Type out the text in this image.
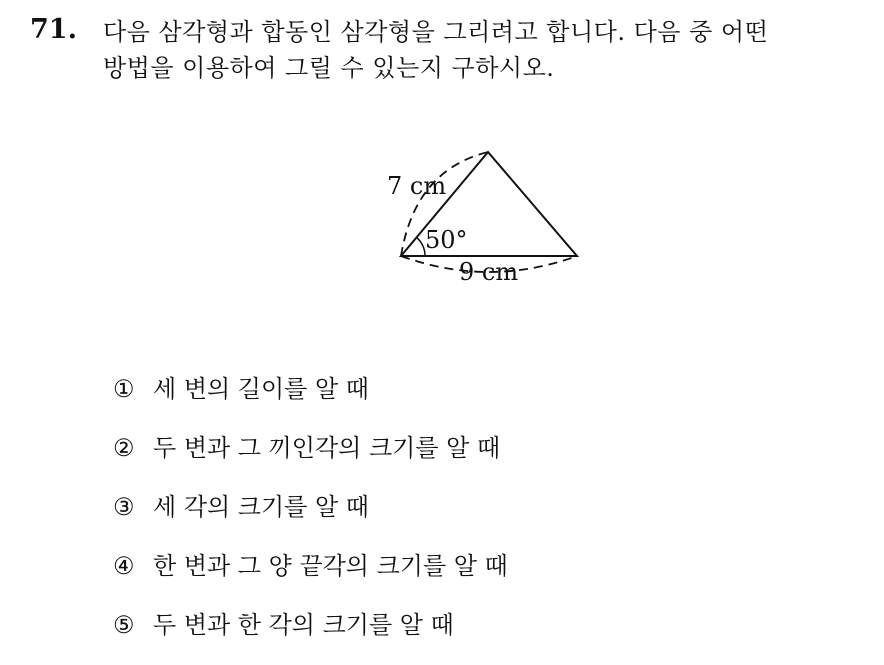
71. 다음 삼각형과 합동인 삼각형을 그리려고 합니다. 다음 중 어떤
방법을 이용하여 그릴 수 있는지 구하시오.
7 cm
50°
9 cm
① 세 변의 길이를 알 때
② 두 변과 그 끼인각의 크기를 알 때
③ 세 각의 크기를 알 때
④ 한 변과 그 양 끝각의 크기를 알 때
⑤ 두 변과 한 각의 크기를 알 때
